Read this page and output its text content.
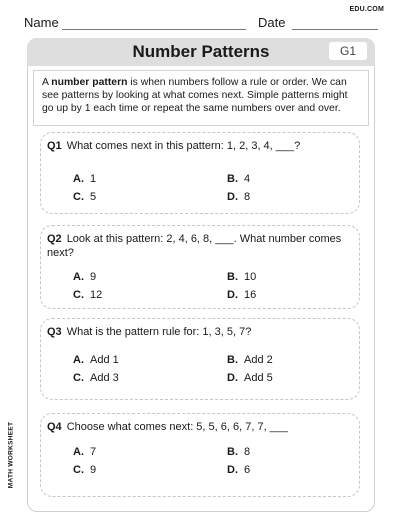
Name	Date
EDU.COM
Number Patterns	G1
A number pattern is when numbers follow a rule or order. We can see patterns by looking at what comes next. Simple patterns might go up by 1 each time or repeat the same numbers over and over.
Q1 What comes next in this pattern: 1, 2, 3, 4, ___?
A. 1	B. 4
C. 5	D. 8
Q2 Look at this pattern: 2, 4, 6, 8, ___. What number comes next?
A. 9	B. 10
C. 12	D. 16
Q3 What is the pattern rule for: 1, 3, 5, 7?
A. Add 1	B. Add 2
C. Add 3	D. Add 5
Q4 Choose what comes next: 5, 5, 6, 6, 7, 7, ___
A. 7	B. 8
C. 9	D. 6
MATH WORKSHEET
